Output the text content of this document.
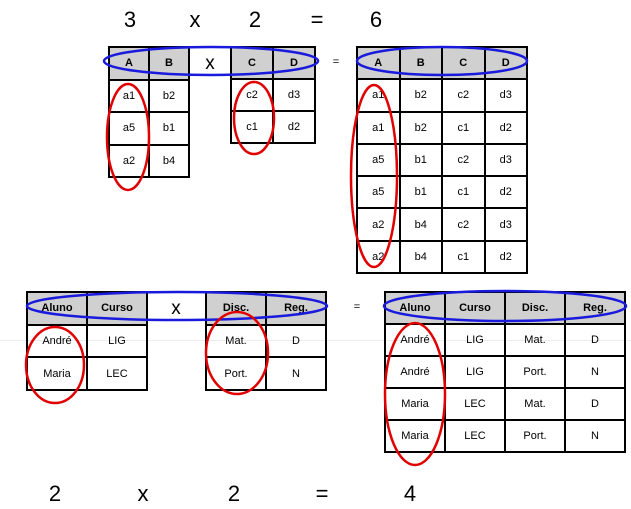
3 x 2 = 6
A	B
a1	b2
a5	b1
a2	b4
x	C	D
c2	d3
c1	d2
=	A	B	C	D
a1	b2	c2	d3
a1	b2	c1	d2
a5	b1	c2	d3
a5	b1	c1	d2
a2	b4	c2	d3
a2	b4	c1	d2
Aluno	Curso
André	LIG
Maria	LEC
x	Disc.	Reg.
Mat.	D
Port.	N
=	Aluno	Curso	Disc.	Reg.
André	LIG	Mat.	D
André	LIG	Port.	N
Maria	LEC	Mat.	D
Maria	LEC	Port.	N
2	x	2	=	4
